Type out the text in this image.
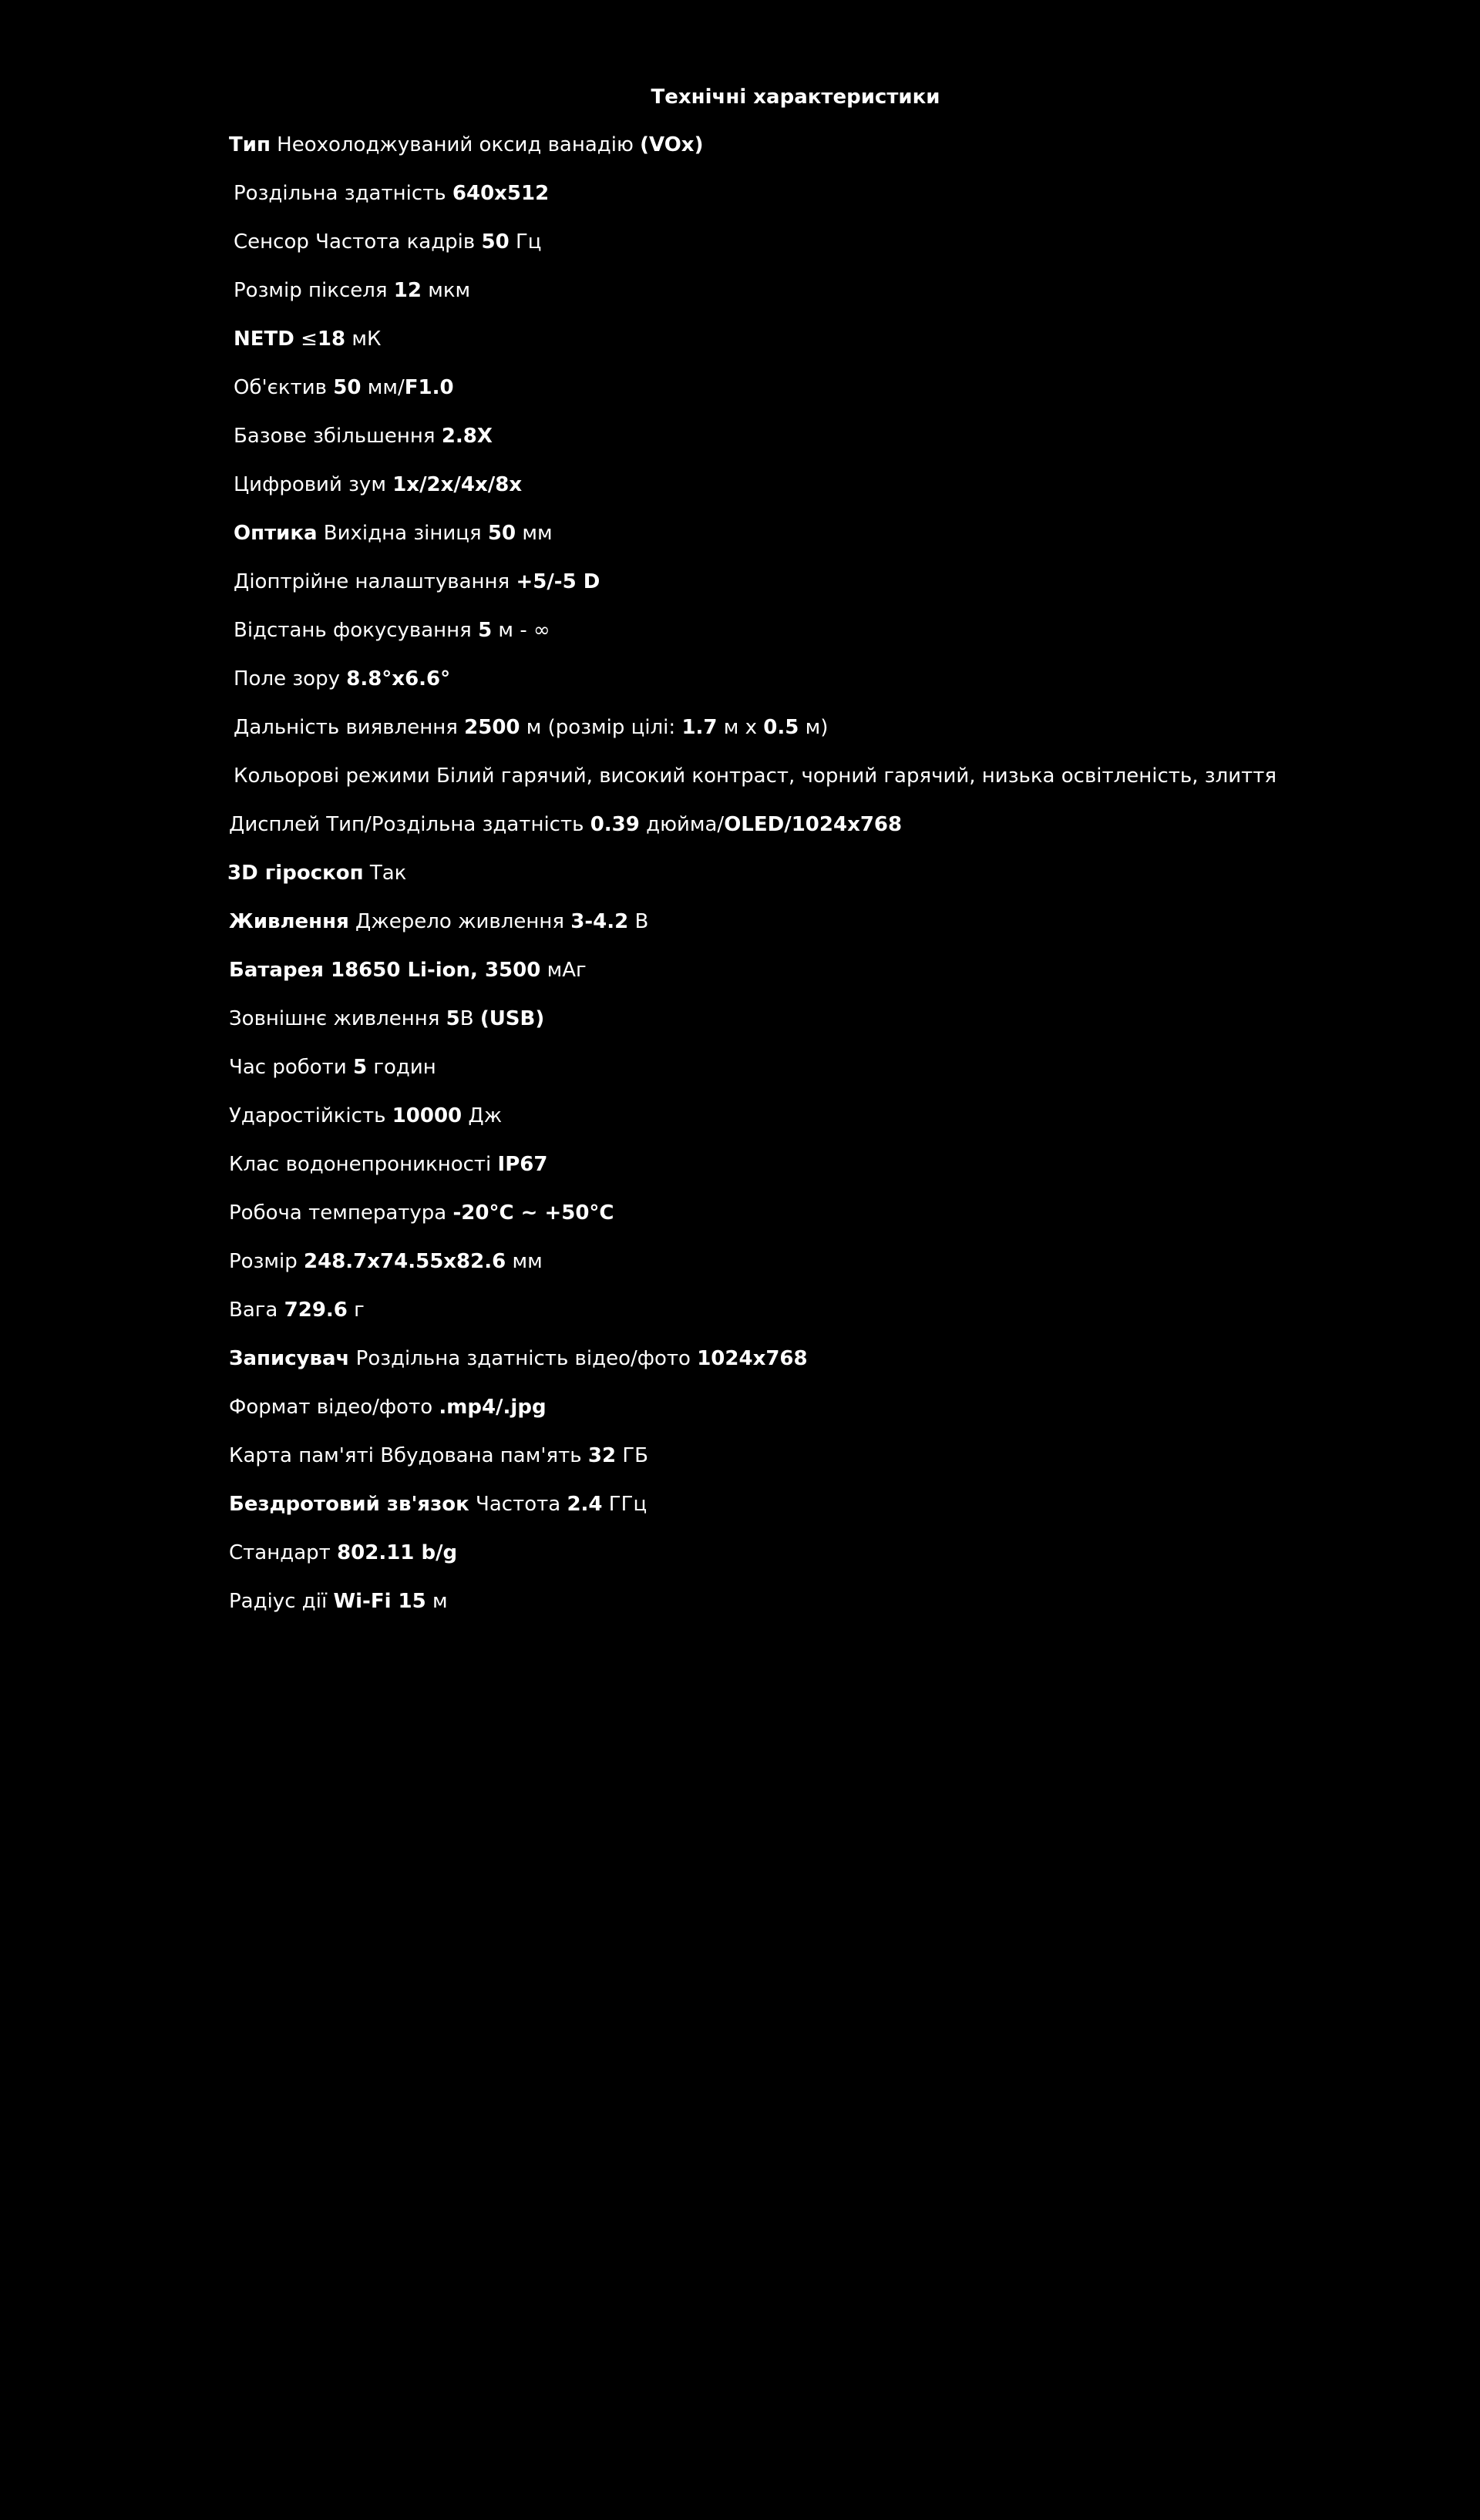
Технічні характеристики
Тип Неохолоджуваний оксид ванадію (VOx)
Роздільна здатність 640x512
Сенсор Частота кадрів 50 Гц
Розмір пікселя 12 мкм
NETD ≤18 мК
Об'єктив 50 мм/F1.0
Базове збільшення 2.8X
Цифровий зум 1x/2x/4x/8x
Оптика Вихідна зіниця 50 мм
Діоптрійне налаштування +5/-5 D
Відстань фокусування 5 м - ∞
Поле зору 8.8°x6.6°
Дальність виявлення 2500 м (розмір цілі: 1.7 м x 0.5 м)
Кольорові режими Білий гарячий, високий контраст, чорний гарячий, низька освітленість, злиття
Дисплей Тип/Роздільна здатність 0.39 дюйма/OLED/1024x768
3D гіроскоп Так
Живлення Джерело живлення 3-4.2 В
Батарея 18650 Li-ion, 3500 мАг
Зовнішнє живлення 5В (USB)
Час роботи 5 годин
Ударостійкість 10000 Дж
Клас водонепроникності IP67
Робоча температура -20°C ~ +50°C
Розмір 248.7x74.55x82.6 мм
Вага 729.6 г
Записувач Роздільна здатність відео/фото 1024x768
Формат відео/фото .mp4/.jpg
Карта пам'яті Вбудована пам'ять 32 ГБ
Бездротовий зв'язок Частота 2.4 ГГц
Стандарт 802.11 b/g
Радіус дії Wi-Fi 15 м
